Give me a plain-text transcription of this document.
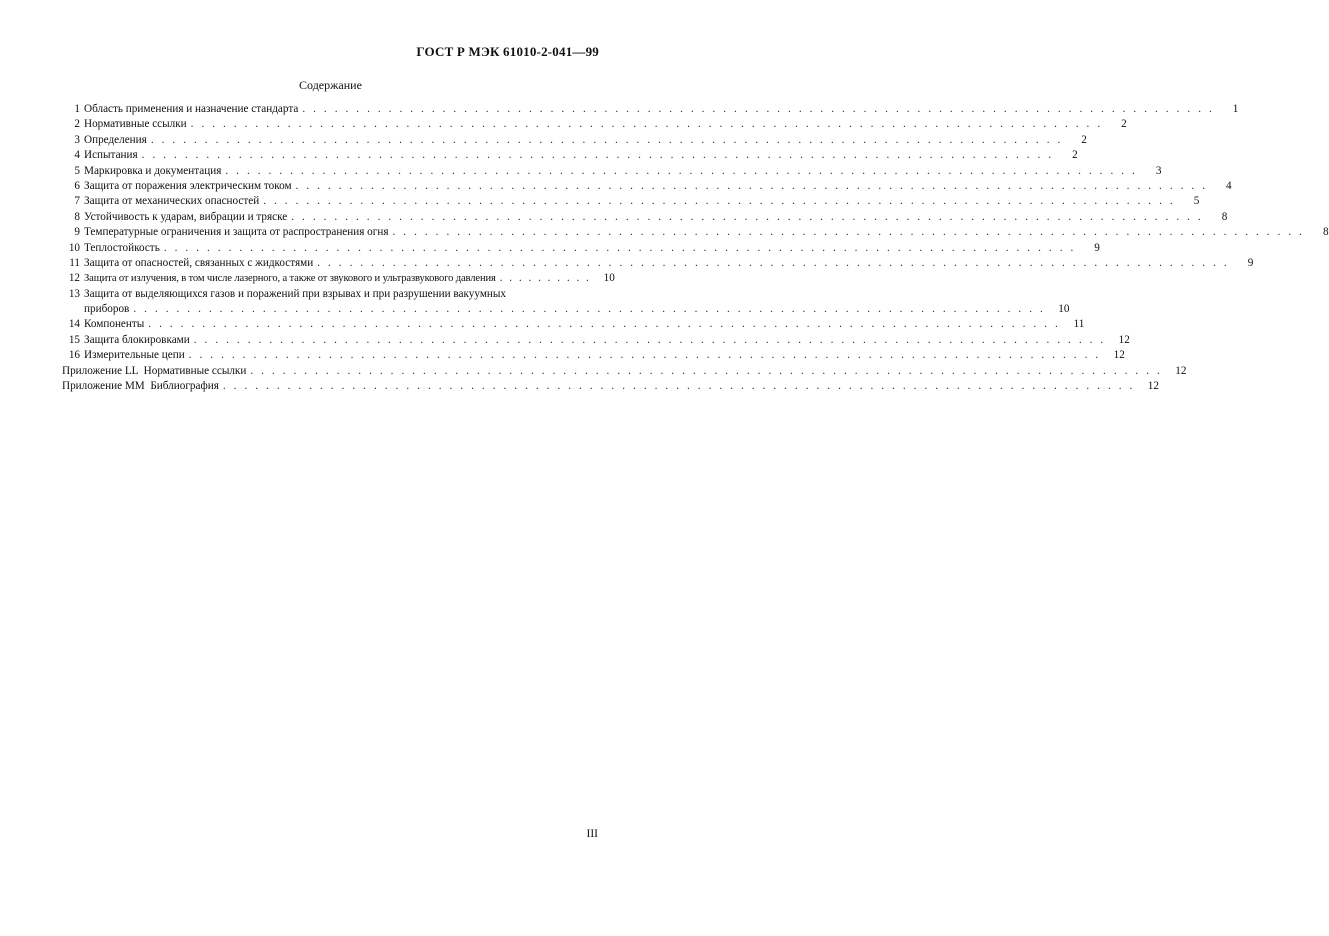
ГОСТ Р МЭК 61010-2-041—99
Содержание
1 Область применения и назначение стандарта . . . . . . . . . . . . . . . . . . . . . . . . . . . . . . . . . . . . . . . . . . . . . . . . . . . . . . . . . . . . . . . . . . . . . . . . . . . . . . . . . . . . .	1
2 Нормативные ссылки . . . . . . . . . . . . . . . . . . . . . . . . . . . . . . . . . . . . . . . . . . . . . . . . . . . . . . . . . . . . . . . . . . . . . . . . . . . . . . . . . . . . .	2
3 Определения . . . . . . . . . . . . . . . . . . . . . . . . . . . . . . . . . . . . . . . . . . . . . . . . . . . . . . . . . . . . . . . . . . . . . . . . . . . . . . . . . . . . .	2
4 Испытания . . . . . . . . . . . . . . . . . . . . . . . . . . . . . . . . . . . . . . . . . . . . . . . . . . . . . . . . . . . . . . . . . . . . . . . . . . . . . . . . . . . . .	2
5 Маркировка и документация . . . . . . . . . . . . . . . . . . . . . . . . . . . . . . . . . . . . . . . . . . . . . . . . . . . . . . . . . . . . . . . . . . . . . . . . . . . . . . . . . . . . .	3
6 Защита от поражения электрическим током . . . . . . . . . . . . . . . . . . . . . . . . . . . . . . . . . . . . . . . . . . . . . . . . . . . . . . . . . . . . . . . . . . . . . . . . . . . . . . . . . . . . .	4
7 Защита от механических опасностей . . . . . . . . . . . . . . . . . . . . . . . . . . . . . . . . . . . . . . . . . . . . . . . . . . . . . . . . . . . . . . . . . . . . . . . . . . . . . . . . . . . . .	5
8 Устойчивость к ударам, вибрации и тряске . . . . . . . . . . . . . . . . . . . . . . . . . . . . . . . . . . . . . . . . . . . . . . . . . . . . . . . . . . . . . . . . . . . . . . . . . . . . . . . . . . . . .	8
9 Температурные ограничения и защита от распространения огня . . . . . . . . . . . . . . . . . . . . . . . . . . . . . . . . . . . . . . . . . . . . . . . . . . . . . . . . . . . . . . . . . . . . . . . . . . . . . . . . . . . . .	8
10 Теплостойкость . . . . . . . . . . . . . . . . . . . . . . . . . . . . . . . . . . . . . . . . . . . . . . . . . . . . . . . . . . . . . . . . . . . . . . . . . . . . . . . . . . . . .	9
11 Защита от опасностей, связанных с жидкостями . . . . . . . . . . . . . . . . . . . . . . . . . . . . . . . . . . . . . . . . . . . . . . . . . . . . . . . . . . . . . . . . . . . . . . . . . . . . . . . . . . . . .	9
12 Защита от излучения, в том числе лазерного, а также от звукового и ультразвукового давления . . . . . . . . . .	10
13 Защита от выделяющихся газов и поражений при взрывах и при разрушении вакуумных
приборов . . . . . . . . . . . . . . . . . . . . . . . . . . . . . . . . . . . . . . . . . . . . . . . . . . . . . . . . . . . . . . . . . . . . . . . . . . . . . . . . . . . . .	10
14 Компоненты . . . . . . . . . . . . . . . . . . . . . . . . . . . . . . . . . . . . . . . . . . . . . . . . . . . . . . . . . . . . . . . . . . . . . . . . . . . . . . . . . . . . .	11
15 Защита блокировками . . . . . . . . . . . . . . . . . . . . . . . . . . . . . . . . . . . . . . . . . . . . . . . . . . . . . . . . . . . . . . . . . . . . . . . . . . . . . . . . . . . . .	12
16 Измерительные цепи . . . . . . . . . . . . . . . . . . . . . . . . . . . . . . . . . . . . . . . . . . . . . . . . . . . . . . . . . . . . . . . . . . . . . . . . . . . . . . . . . . . . .	12
Приложение LL  Нормативные ссылки . . . . . . . . . . . . . . . . . . . . . . . . . . . . . . . . . . . . . . . . . . . . . . . . . . . . . . . . . . . . . . . . . . . . . . . . . . . . . . . . . . . . .	12
Приложение MM  Библиография . . . . . . . . . . . . . . . . . . . . . . . . . . . . . . . . . . . . . . . . . . . . . . . . . . . . . . . . . . . . . . . . . . . . . . . . . . . . . . . . . . . . .	12
III
